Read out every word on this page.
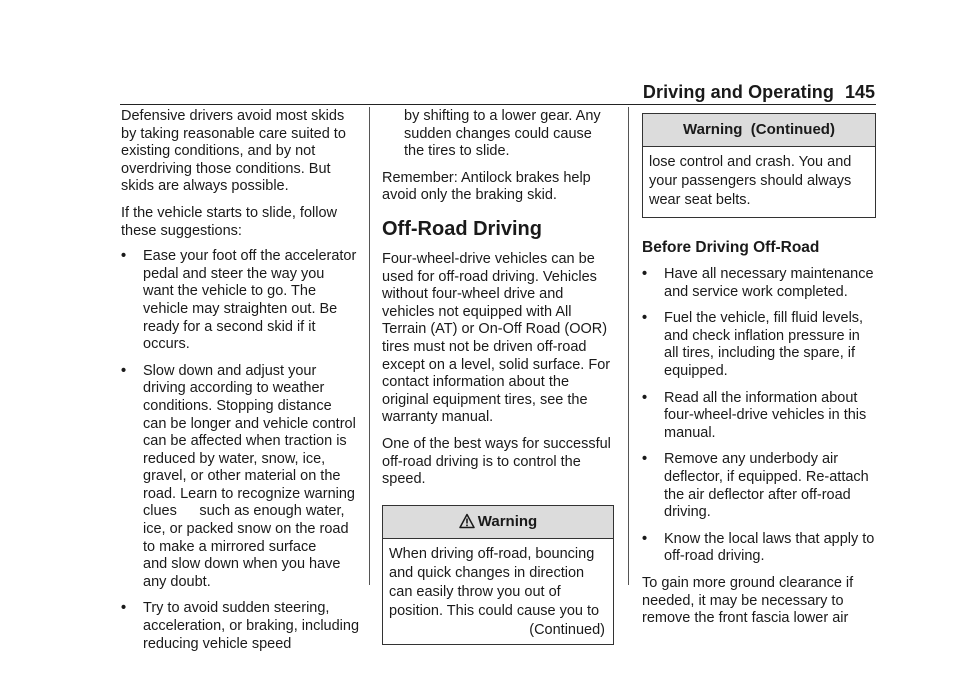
Driving and Operating 145

Defensive drivers avoid most skids by taking reasonable care suited to existing conditions, and by not overdriving those conditions. But skids are always possible.

If the vehicle starts to slide, follow these suggestions:

• Ease your foot off the accelerator pedal and steer the way you want the vehicle to go. The vehicle may straighten out. Be ready for a second skid if it occurs.
• Slow down and adjust your driving according to weather conditions. Stopping distance can be longer and vehicle control can be affected when traction is reduced by water, snow, ice, gravel, or other material on the road. Learn to recognize warning clues   such as enough water, ice, or packed snow on the road to make a mirrored surface   and slow down when you have any doubt.
• Try to avoid sudden steering, acceleration, or braking, including reducing vehicle speed
by shifting to a lower gear. Any sudden changes could cause the tires to slide.

Remember: Antilock brakes help avoid only the braking skid.

Off-Road Driving

Four-wheel-drive vehicles can be used for off-road driving. Vehicles without four-wheel drive and vehicles not equipped with All Terrain (AT) or On-Off Road (OOR) tires must not be driven off-road except on a level, solid surface. For contact information about the original equipment tires, see the warranty manual.

One of the best ways for successful off-road driving is to control the speed.

Warning
When driving off-road, bouncing and quick changes in direction can easily throw you out of position. This could cause you to
(Continued)
Warning  (Continued)
lose control and crash. You and your passengers should always wear seat belts.
Before Driving Off-Road
• Have all necessary maintenance and service work completed.
• Fuel the vehicle, fill fluid levels, and check inflation pressure in all tires, including the spare, if equipped.
• Read all the information about four-wheel-drive vehicles in this manual.
• Remove any underbody air deflector, if equipped. Re-attach the air deflector after off-road driving.
• Know the local laws that apply to off-road driving.

To gain more ground clearance if needed, it may be necessary to remove the front fascia lower air
